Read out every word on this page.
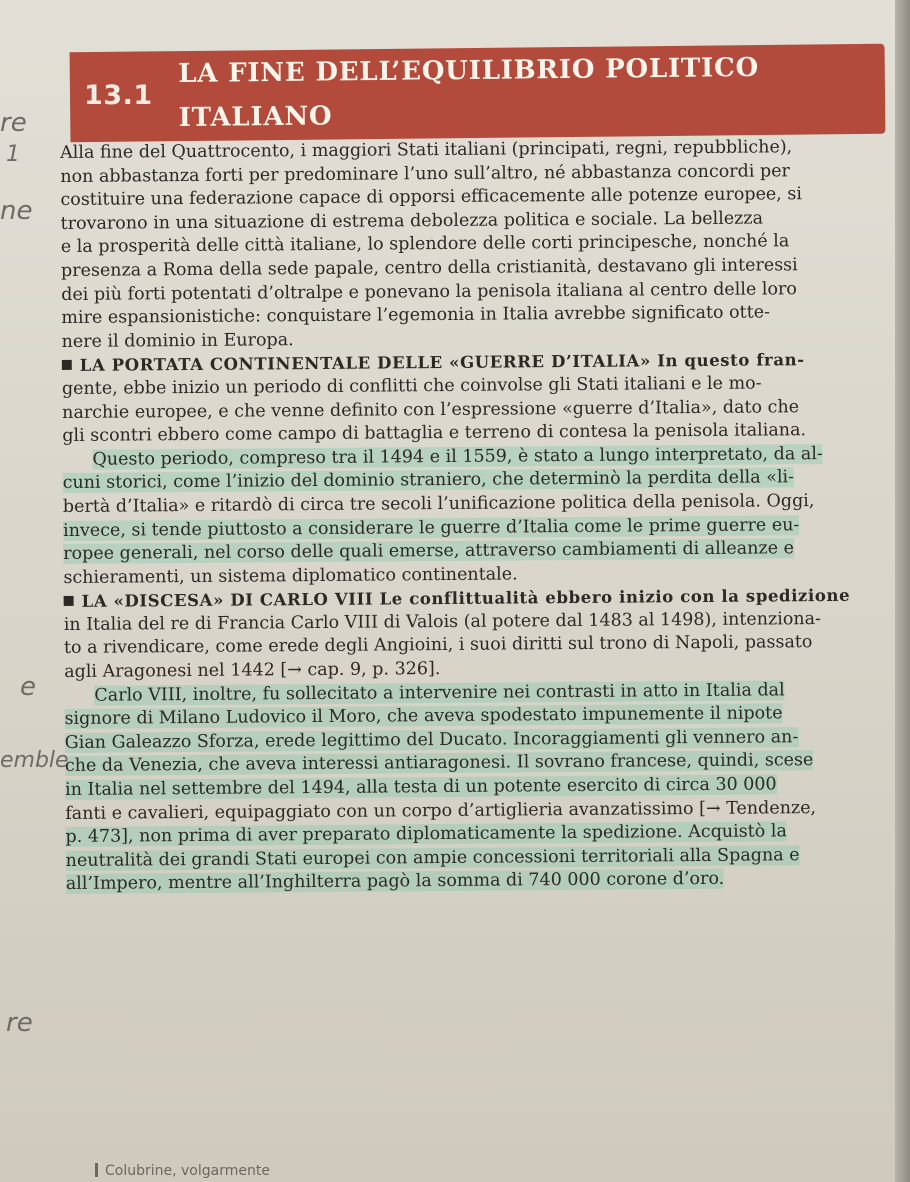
13.1
LA FINE DELL’EQUILIBRIO POLITICO
ITALIANO
Alla fine del Quattrocento, i maggiori Stati italiani (principati, regni, repubbliche),
non abbastanza forti per predominare l’uno sull’altro, né abbastanza concordi per
costituire una federazione capace di opporsi efficacemente alle potenze europee, si
trovarono in una situazione di estrema debolezza politica e sociale. La bellezza
e la prosperità delle città italiane, lo splendore delle corti principesche, nonché la
presenza a Roma della sede papale, centro della cristianità, destavano gli interessi
dei più forti potentati d’oltralpe e ponevano la penisola italiana al centro delle loro
mire espansionistiche: conquistare l’egemonia in Italia avrebbe significato otte-
nere il dominio in Europa.
LA PORTATA CONTINENTALE DELLE «GUERRE D’ITALIA» In questo fran-
gente, ebbe inizio un periodo di conflitti che coinvolse gli Stati italiani e le mo-
narchie europee, e che venne definito con l’espressione «guerre d’Italia», dato che
gli scontri ebbero come campo di battaglia e terreno di contesa la penisola italiana.
Questo periodo, compreso tra il 1494 e il 1559, è stato a lungo interpretato, da al-
cuni storici, come l’inizio del dominio straniero, che determinò la perdita della «li-
bertà d’Italia» e ritardò di circa tre secoli l’unificazione politica della penisola. Oggi,
invece, si tende piuttosto a considerare le guerre d’Italia come le prime guerre eu-
ropee generali, nel corso delle quali emerse, attraverso cambiamenti di alleanze e
schieramenti, un sistema diplomatico continentale.
LA «DISCESA» DI CARLO VIII Le conflittualità ebbero inizio con la spedizione
in Italia del re di Francia Carlo VIII di Valois (al potere dal 1483 al 1498), intenziona-
to a rivendicare, come erede degli Angioini, i suoi diritti sul trono di Napoli, passato
agli Aragonesi nel 1442 [→ cap. 9, p. 326].
Carlo VIII, inoltre, fu sollecitato a intervenire nei contrasti in atto in Italia dal
signore di Milano Ludovico il Moro, che aveva spodestato impunemente il nipote
Gian Galeazzo Sforza, erede legittimo del Ducato. Incoraggiamenti gli vennero an-
che da Venezia, che aveva interessi antiaragonesi. Il sovrano francese, quindi, scese
in Italia nel settembre del 1494, alla testa di un potente esercito di circa 30 000
fanti e cavalieri, equipaggiato con un corpo d’artiglieria avanzatissimo [→ Tendenze,
p. 473], non prima di aver preparato diplomaticamente la spedizione. Acquistò la
neutralità dei grandi Stati europei con ampie concessioni territoriali alla Spagna e
all’Impero, mentre all’Inghilterra pagò la somma di 740 000 corone d’oro.
re
1
ne
e
emble
re
Colubrine, volgarmente
